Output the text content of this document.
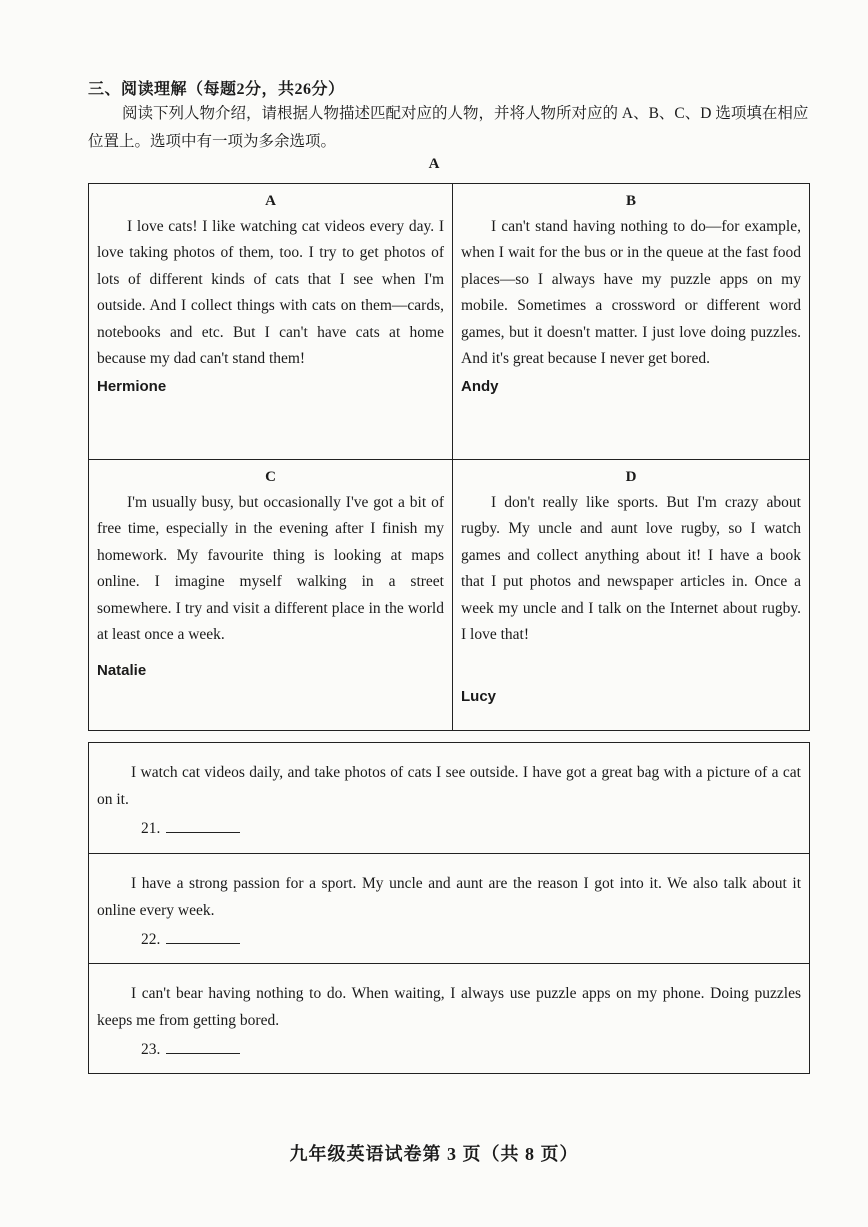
三、阅读理解（每题2分，共26分）
阅读下列人物介绍，请根据人物描述匹配对应的人物，并将人物所对应的 A、B、C、D 选项填在相应位置上。选项中有一项为多余选项。
A
A
I love cats! I like watching cat videos every day. I love taking photos of them, too. I try to get photos of lots of different kinds of cats that I see when I'm outside. And I collect things with cats on them—cards, notebooks and etc. But I can't have cats at home because my dad can't stand them!
Hermione
B
I can't stand having nothing to do—for example, when I wait for the bus or in the queue at the fast food places—so I always have my puzzle apps on my mobile. Sometimes a crossword or different word games, but it doesn't matter. I just love doing puzzles. And it's great because I never get bored.
Andy
C
I'm usually busy, but occasionally I've got a bit of free time, especially in the evening after I finish my homework. My favourite thing is looking at maps online. I imagine myself walking in a street somewhere. I try and visit a different place in the world at least once a week.
Natalie
D
I don't really like sports. But I'm crazy about rugby. My uncle and aunt love rugby, so I watch games and collect anything about it! I have a book that I put photos and newspaper articles in. Once a week my uncle and I talk on the Internet about rugby. I love that!
Lucy
I watch cat videos daily, and take photos of cats I see outside. I have got a great bag with a picture of a cat on it.
21.
I have a strong passion for a sport. My uncle and aunt are the reason I got into it. We also talk about it online every week.
22.
I can't bear having nothing to do. When waiting, I always use puzzle apps on my phone. Doing puzzles keeps me from getting bored.
23.
九年级英语试卷第 3 页（共 8 页）
